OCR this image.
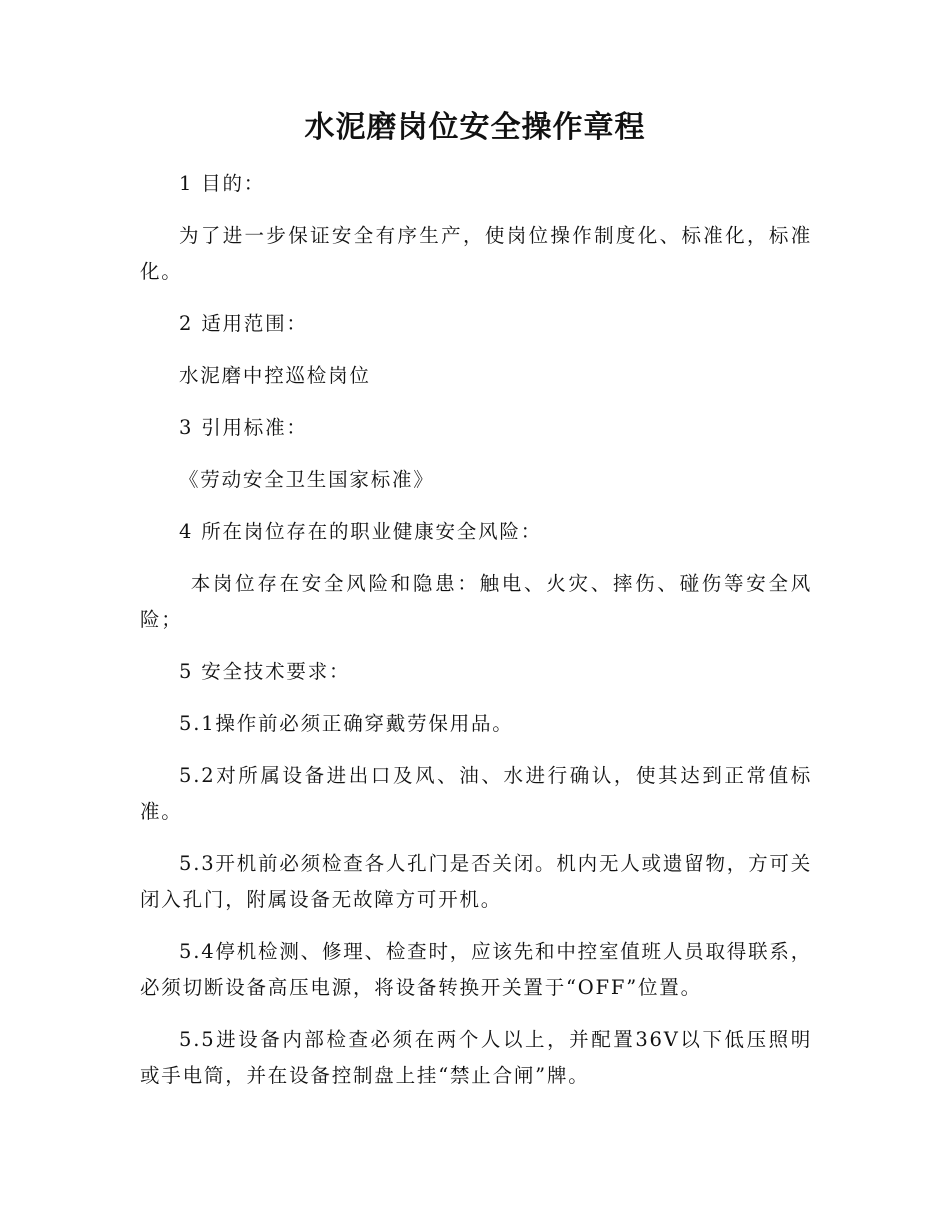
水泥磨岗位安全操作章程

1 目的：

为了进一步保证安全有序生产，使岗位操作制度化、标准化，标准化。

2 适用范围：

水泥磨中控巡检岗位

3 引用标准：

《劳动安全卫生国家标准》

4 所在岗位存在的职业健康安全风险：

本岗位存在安全风险和隐患：触电、火灾、摔伤、碰伤等安全风险；

5 安全技术要求：

5.1操作前必须正确穿戴劳保用品。

5.2对所属设备进出口及风、油、水进行确认，使其达到正常值标准。

5.3开机前必须检查各人孔门是否关闭。机内无人或遗留物，方可关闭入孔门，附属设备无故障方可开机。

5.4停机检测、修理、检查时，应该先和中控室值班人员取得联系，必须切断设备高压电源，将设备转换开关置于“OFF”位置。

5.5进设备内部检查必须在两个人以上，并配置36V以下低压照明或手电筒，并在设备控制盘上挂“禁止合闸”牌。
